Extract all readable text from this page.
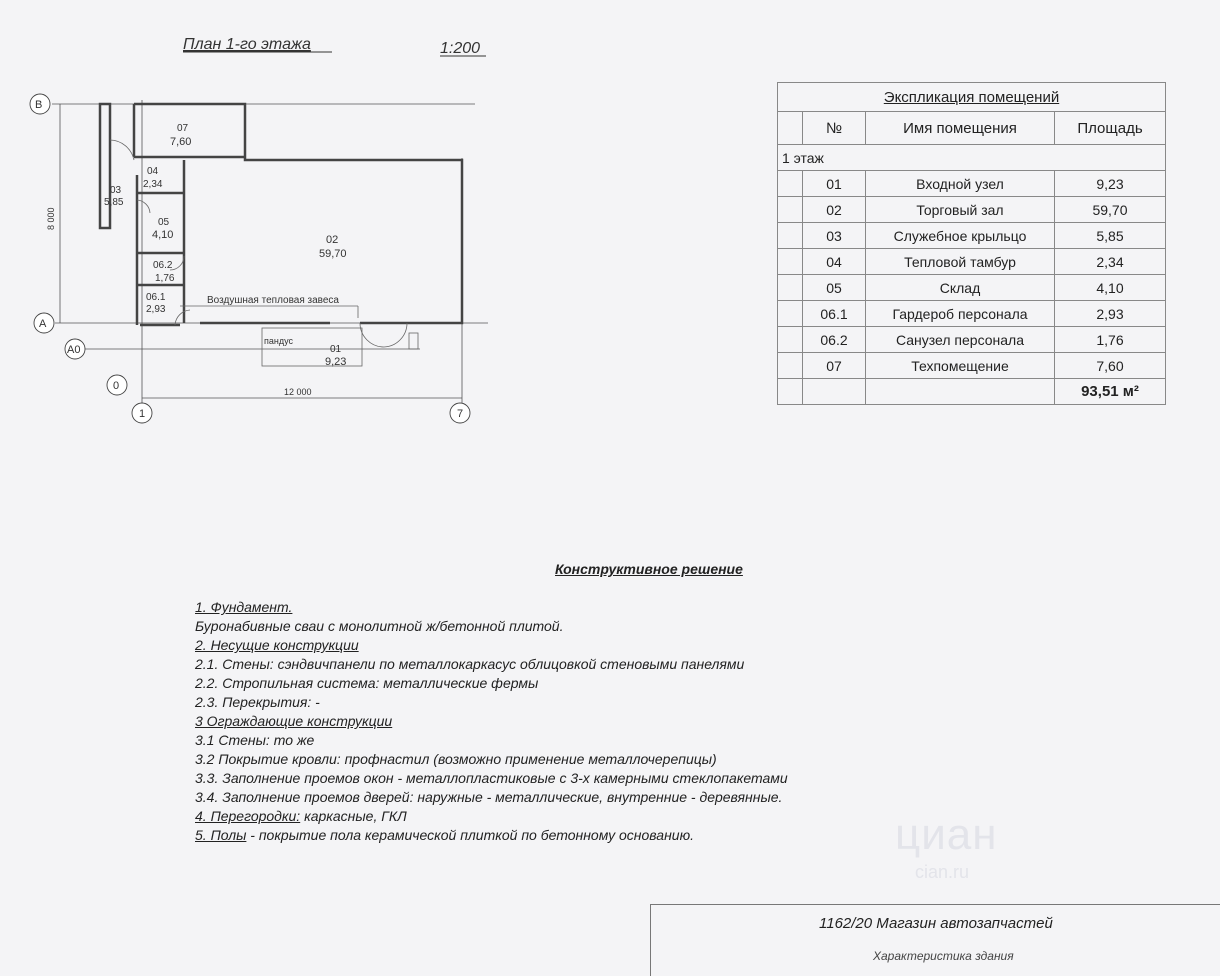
План 1-го этажа	1:200
В
А
А0
0
1	7
8 000
12 000
07
7,60
04
2,34
03
5,85
05
4,10
06.2
1,76
06.1
2,93
02
59,70
01
9,23
Воздушная тепловая завеса
пандус
Экспликация помещений			
	№	Имя помещения	Площадь
1 этаж			
	01	Входной узел	9,23
	02	Торговый зал	59,70
	03	Служебное крыльцо	5,85
	04	Тепловой тамбур	2,34
	05	Склад	4,10
	06.1	Гардероб персонала	2,93
	06.2	Санузел персонала	1,76
	07	Техпомещение	7,60
			93,51 м²
Конструктивное решение
1. Фундамент.
Буронабивные сваи с монолитной ж/бетонной плитой.
2. Несущие конструкции
2.1. Стены: сэндвичпанели по металлокаркасус облицовкой стеновыми панелями
2.2. Стропильная система: металлические фермы
2.3. Перекрытия: -
3 Ограждающие конструкции
3.1 Стены: то же
3.2 Покрытие кровли: профнастил (возможно применение металлочерепицы)
3.3. Заполнение проемов окон - металлопластиковые с 3-х камерными стеклопакетами
3.4. Заполнение проемов дверей: наружные - металлические, внутренние - деревянные.
4. Перегородки: каркасные, ГКЛ
5. Полы - покрытие пола керамической плиткой по бетонному основанию.	циан
cian.ru
1162/20 Магазин автозапчастей
Характеристика здания
